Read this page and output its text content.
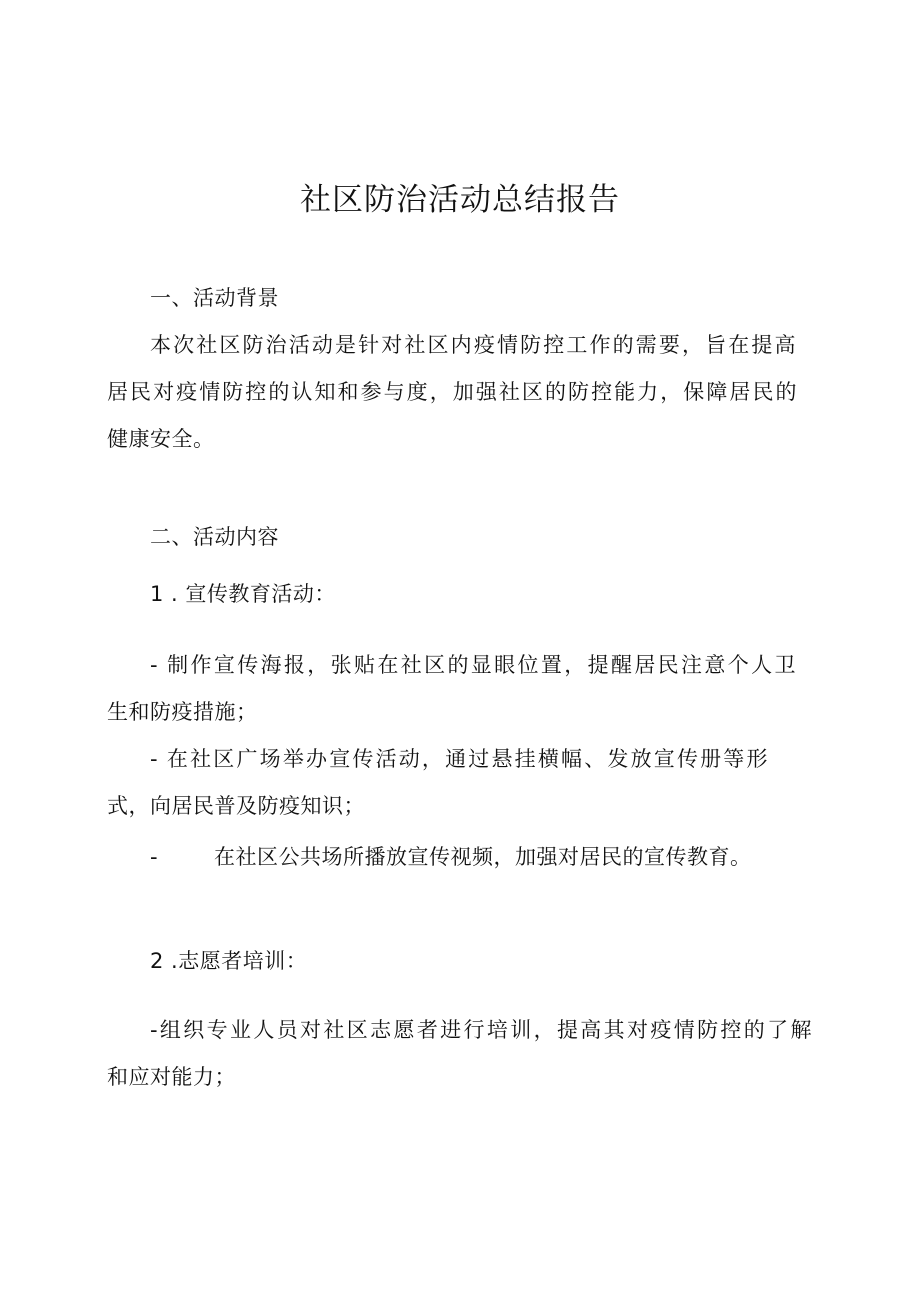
社区防治活动总结报告
一、活动背景
本次社区防治活动是针对社区内疫情防控工作的需要，旨在提高
居民对疫情防控的认知和参与度，加强社区的防控能力，保障居民的
健康安全。
二、活动内容
1 . 宣传教育活动：
- 制作宣传海报，张贴在社区的显眼位置，提醒居民注意个人卫
生和防疫措施；
- 在社区广场举办宣传活动，通过悬挂横幅、发放宣传册等形
式，向居民普及防疫知识；
-	在社区公共场所播放宣传视频，加强对居民的宣传教育。
2 .志愿者培训：
-组织专业人员对社区志愿者进行培训，提高其对疫情防控的了解
和应对能力；
